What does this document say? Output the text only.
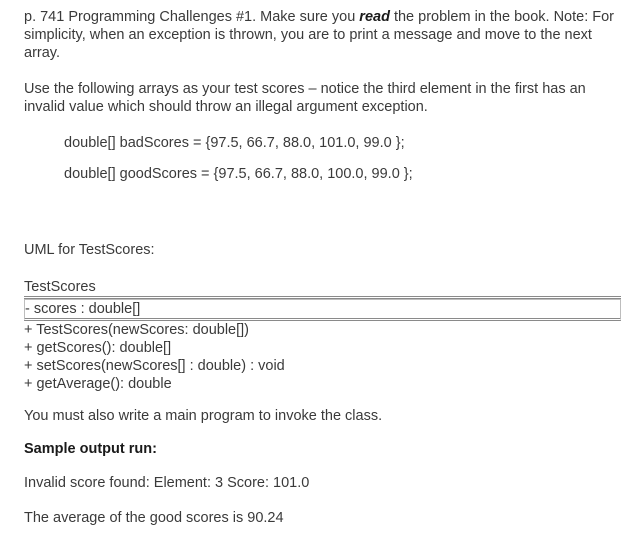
p. 741 Programming Challenges #1. Make sure you read the problem in the book. Note: For simplicity, when an exception is thrown, you are to print a message and move to the next array.

Use the following arrays as your test scores – notice the third element in the first has an invalid value which should throw an illegal argument exception.

double[] badScores = {97.5, 66.7, 88.0, 101.0, 99.0 };

double[] goodScores = {97.5, 66.7, 88.0, 100.0, 99.0 };

UML for TestScores:

TestScores
- scores : double[]
+ TestScores(newScores: double[])
+ getScores(): double[]
+ setScores(newScores[] : double) : void
+ getAverage(): double

You must also write a main program to invoke the class.

Sample output run:

Invalid score found: Element: 3 Score: 101.0

The average of the good scores is 90.24
